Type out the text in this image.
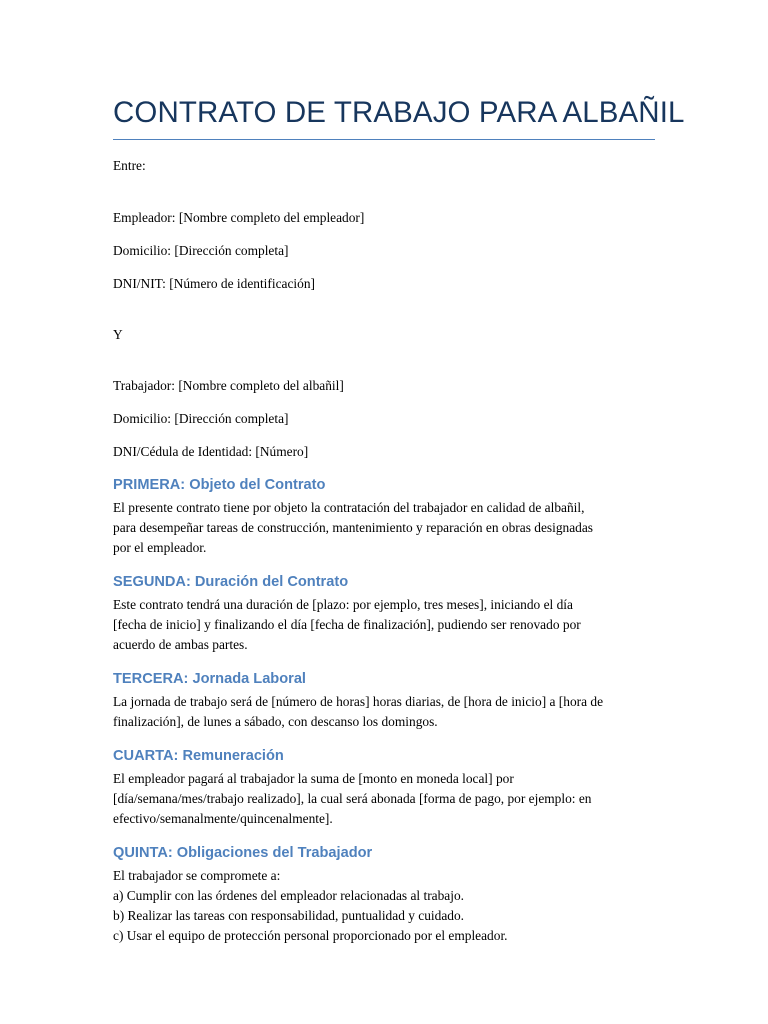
CONTRATO DE TRABAJO PARA ALBAÑIL

Entre:

Empleador: [Nombre completo del empleador]

Domicilio: [Dirección completa]

DNI/NIT: [Número de identificación]

Y

Trabajador: [Nombre completo del albañil]

Domicilio: [Dirección completa]

DNI/Cédula de Identidad: [Número]

PRIMERA: Objeto del Contrato
El presente contrato tiene por objeto la contratación del trabajador en calidad de albañil,
para desempeñar tareas de construcción, mantenimiento y reparación en obras designadas
por el empleador.
SEGUNDA: Duración del Contrato
Este contrato tendrá una duración de [plazo: por ejemplo, tres meses], iniciando el día
[fecha de inicio] y finalizando el día [fecha de finalización], pudiendo ser renovado por
acuerdo de ambas partes.
TERCERA: Jornada Laboral
La jornada de trabajo será de [número de horas] horas diarias, de [hora de inicio] a [hora de
finalización], de lunes a sábado, con descanso los domingos.
CUARTA: Remuneración
El empleador pagará al trabajador la suma de [monto en moneda local] por
[día/semana/mes/trabajo realizado], la cual será abonada [forma de pago, por ejemplo: en
efectivo/semanalmente/quincenalmente].
QUINTA: Obligaciones del Trabajador
El trabajador se compromete a:
a) Cumplir con las órdenes del empleador relacionadas al trabajo.
b) Realizar las tareas con responsabilidad, puntualidad y cuidado.
c) Usar el equipo de protección personal proporcionado por el empleador.
